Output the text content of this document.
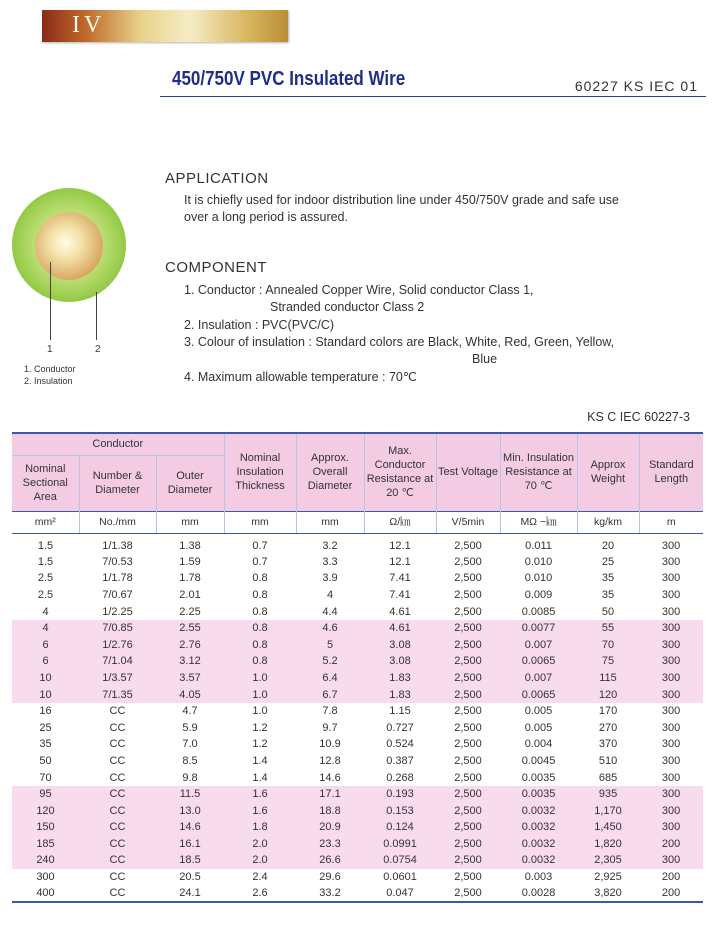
IV
450/750V PVC Insulated Wire	60227 KS IEC 01
APPLICATION
It is chiefly used for indoor distribution line under 450/750V grade and safe use
over a long period is assured.
COMPONENT
1. Conductor : Annealed Copper Wire, Solid conductor Class 1,
Stranded conductor Class 2
2. Insulation : PVC(PVC/C)
3. Colour of insulation : Standard colors are Black, White, Red, Green, Yellow,
Blue
4. Maximum allowable temperature : 70℃
1	2
1. Conductor
2. Insulation
KS C IEC 60227-3
Conductor			Nominal Insulation Thickness	Approx. Overall Diameter	Max. Conductor Resistance at 20 ℃	Test Voltage	Min. Insulation Resistance at 70 ℃	Approx Weight	Standard Length
Nominal Sectional Area	Number & Diameter	Outer Diameter							
mm²	No./mm	mm	mm	mm	Ω/㎞	V/5min	MΩ −㎞	kg/km	m
1.5	1/1.38	1.38	0.7	3.2	12.1	2,500	0.011	20	300
1.5	7/0.53	1.59	0.7	3.3	12.1	2,500	0.010	25	300
2.5	1/1.78	1.78	0.8	3.9	7.41	2,500	0.010	35	300
2.5	7/0.67	2.01	0.8	4	7.41	2,500	0.009	35	300
4	1/2.25	2.25	0.8	4.4	4.61	2,500	0.0085	50	300
4	7/0.85	2.55	0.8	4.6	4.61	2,500	0.0077	55	300
6	1/2.76	2.76	0.8	5	3.08	2,500	0.007	70	300
6	7/1.04	3.12	0.8	5.2	3.08	2,500	0.0065	75	300
10	1/3.57	3.57	1.0	6.4	1.83	2,500	0.007	115	300
10	7/1.35	4.05	1.0	6.7	1.83	2,500	0.0065	120	300
16	CC	4.7	1.0	7.8	1.15	2,500	0.005	170	300
25	CC	5.9	1.2	9.7	0.727	2,500	0.005	270	300
35	CC	7.0	1.2	10.9	0.524	2,500	0.004	370	300
50	CC	8.5	1.4	12.8	0.387	2,500	0.0045	510	300
70	CC	9.8	1.4	14.6	0.268	2,500	0.0035	685	300
95	CC	11.5	1.6	17.1	0.193	2,500	0.0035	935	300
120	CC	13.0	1.6	18.8	0.153	2,500	0.0032	1,170	300
150	CC	14.6	1.8	20.9	0.124	2,500	0.0032	1,450	300
185	CC	16.1	2.0	23.3	0.0991	2,500	0.0032	1,820	200
240	CC	18.5	2.0	26.6	0.0754	2,500	0.0032	2,305	300
300	CC	20.5	2.4	29.6	0.0601	2,500	0.003	2,925	200
400	CC	24.1	2.6	33.2	0.047	2,500	0.0028	3,820	200
